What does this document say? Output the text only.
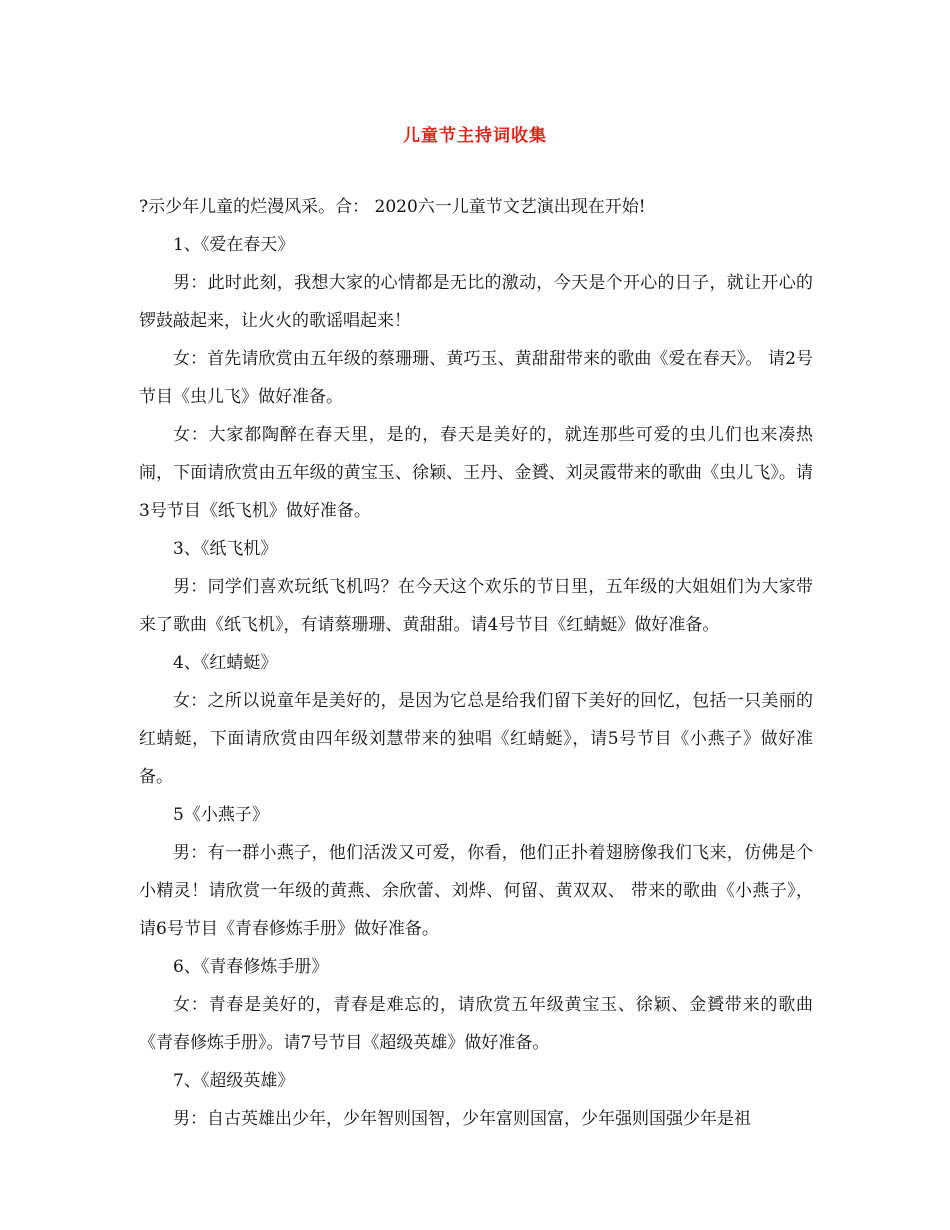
儿童节主持词收集

?示少年儿童的烂漫风采。合： 2020六一儿童节文艺演出现在开始!

1、《爱在春天》

男：此时此刻，我想大家的心情都是无比的激动，今天是个开心的日子，就让开心的锣鼓敲起来，让火火的歌谣唱起来！

女：首先请欣赏由五年级的蔡珊珊、黄巧玉、黄甜甜带来的歌曲《爱在春天》。 请2号节目《虫儿飞》做好准备。

女：大家都陶醉在春天里，是的，春天是美好的，就连那些可爱的虫儿们也来凑热闹，下面请欣赏由五年级的黄宝玉、徐颖、王丹、金贇、刘灵霞带来的歌曲《虫儿飞》。请3号节目《纸飞机》做好准备。

3、《纸飞机》

男：同学们喜欢玩纸飞机吗？在今天这个欢乐的节日里，五年级的大姐姐们为大家带来了歌曲《纸飞机》，有请蔡珊珊、黄甜甜。请4号节目《红蜻蜓》做好准备。

4、《红蜻蜓》

女：之所以说童年是美好的，是因为它总是给我们留下美好的回忆，包括一只美丽的红蜻蜓，下面请欣赏由四年级刘慧带来的独唱《红蜻蜓》，请5号节目《小燕子》做好准备。

5《小燕子》

男：有一群小燕子，他们活泼又可爱，你看，他们正扑着翅膀像我们飞来，仿佛是个小精灵！请欣赏一年级的黄燕、余欣蕾、刘烨、何留、黄双双、 带来的歌曲《小燕子》，请6号节目《青春修炼手册》做好准备。

6、《青春修炼手册》

女：青春是美好的，青春是难忘的，请欣赏五年级黄宝玉、徐颖、金贇带来的歌曲《青春修炼手册》。请7号节目《超级英雄》做好准备。

7、《超级英雄》

男：自古英雄出少年，少年智则国智，少年富则国富，少年强则国强少年是祖
